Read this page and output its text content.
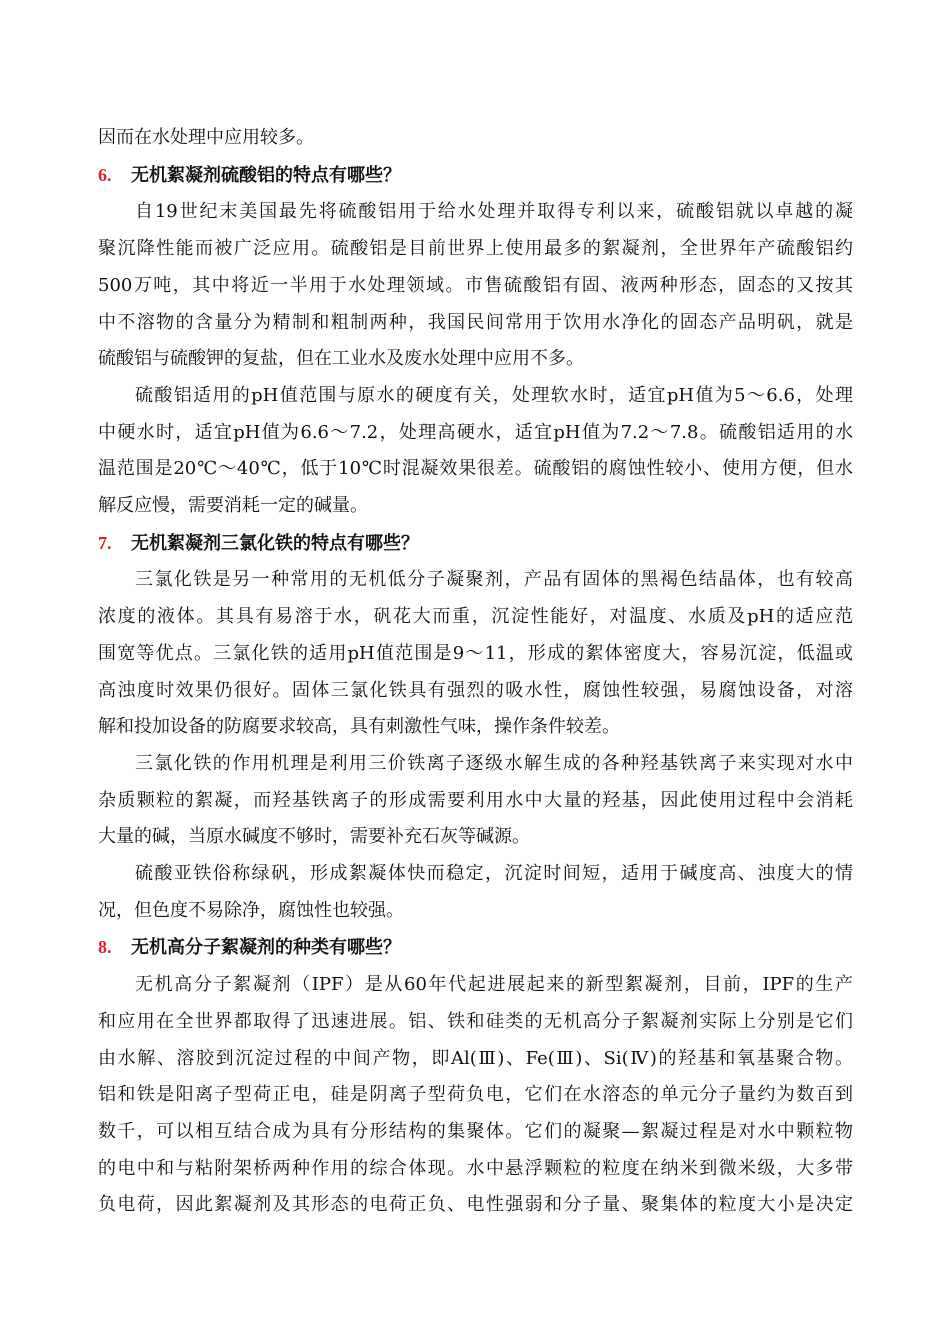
因而在水处理中应用较多。
6. 无机絮凝剂硫酸铝的特点有哪些？
自19世纪末美国最先将硫酸铝用于给水处理并取得专利以来，硫酸铝就以卓越的凝
聚沉降性能而被广泛应用。硫酸铝是目前世界上使用最多的絮凝剂，全世界年产硫酸铝约
500万吨，其中将近一半用于水处理领域。市售硫酸铝有固、液两种形态，固态的又按其
中不溶物的含量分为精制和粗制两种，我国民间常用于饮用水净化的固态产品明矾，就是
硫酸铝与硫酸钾的复盐，但在工业水及废水处理中应用不多。
硫酸铝适用的pH值范围与原水的硬度有关，处理软水时，适宜pH值为5～6.6，处理
中硬水时，适宜pH值为6.6～7.2，处理高硬水，适宜pH值为7.2～7.8。硫酸铝适用的水
温范围是20℃～40℃，低于10℃时混凝效果很差。硫酸铝的腐蚀性较小、使用方便，但水
解反应慢，需要消耗一定的碱量。
7. 无机絮凝剂三氯化铁的特点有哪些？
三氯化铁是另一种常用的无机低分子凝聚剂，产品有固体的黑褐色结晶体，也有较高
浓度的液体。其具有易溶于水，矾花大而重，沉淀性能好，对温度、水质及pH的适应范
围宽等优点。三氯化铁的适用pH值范围是9～11，形成的絮体密度大，容易沉淀，低温或
高浊度时效果仍很好。固体三氯化铁具有强烈的吸水性，腐蚀性较强，易腐蚀设备，对溶
解和投加设备的防腐要求较高，具有刺激性气味，操作条件较差。
三氯化铁的作用机理是利用三价铁离子逐级水解生成的各种羟基铁离子来实现对水中
杂质颗粒的絮凝，而羟基铁离子的形成需要利用水中大量的羟基，因此使用过程中会消耗
大量的碱，当原水碱度不够时，需要补充石灰等碱源。
硫酸亚铁俗称绿矾，形成絮凝体快而稳定，沉淀时间短，适用于碱度高、浊度大的情
况，但色度不易除净，腐蚀性也较强。
8. 无机高分子絮凝剂的种类有哪些？
无机高分子絮凝剂（IPF）是从60年代起进展起来的新型絮凝剂，目前，IPF的生产
和应用在全世界都取得了迅速进展。铝、铁和硅类的无机高分子絮凝剂实际上分别是它们
由水解、溶胶到沉淀过程的中间产物，即Al(Ⅲ)、Fe(Ⅲ)、Si(Ⅳ)的羟基和氧基聚合物。
铝和铁是阳离子型荷正电，硅是阴离子型荷负电，它们在水溶态的单元分子量约为数百到
数千，可以相互结合成为具有分形结构的集聚体。它们的凝聚—絮凝过程是对水中颗粒物
的电中和与粘附架桥两种作用的综合体现。水中悬浮颗粒的粒度在纳米到微米级，大多带
负电荷，因此絮凝剂及其形态的电荷正负、电性强弱和分子量、聚集体的粒度大小是决定
